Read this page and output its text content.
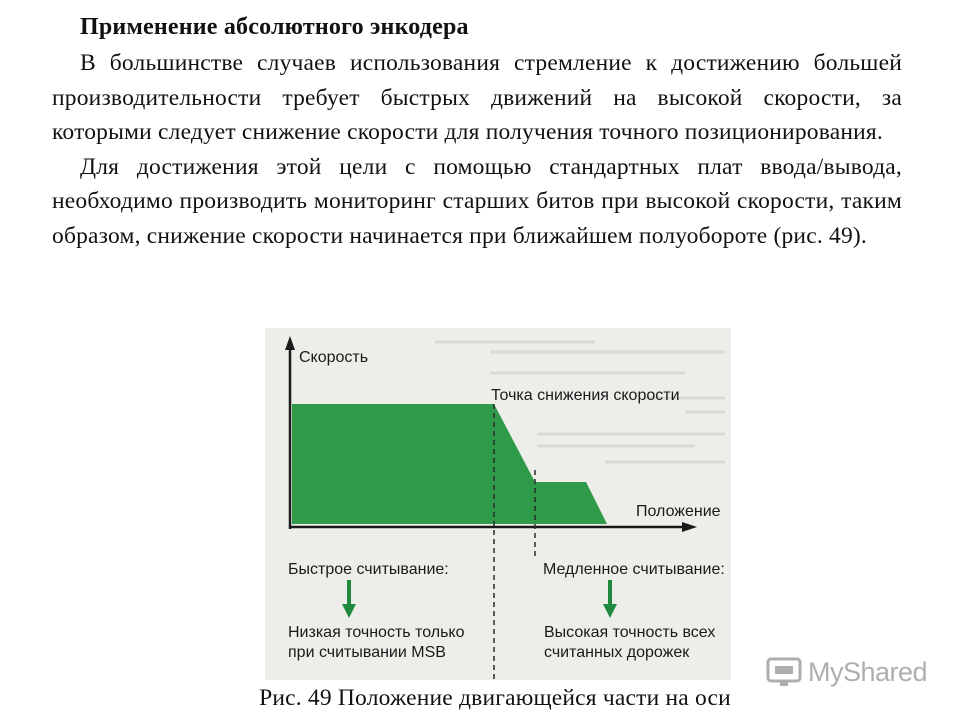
Применение абсолютного энкодера

В большинстве случаев использования стремление к достижению большей производительности требует быстрых движений на высокой скорости, за которыми следует снижение скорости для получения точного позиционирования.

Для достижения этой цели с помощью стандартных плат ввода/вывода, необходимо производить мониторинг старших битов при высокой скорости, таким образом, снижение скорости начинается при ближайшем полуобороте (рис. 49).

Скорость
Точка снижения скорости
Положение
Быстрое считывание:	Медленное считывание:
Низкая точность только
при считывании MSB
Высокая точность всех
считанных дорожек
MyShared
Рис. 49 Положение двигающейся части на оси
